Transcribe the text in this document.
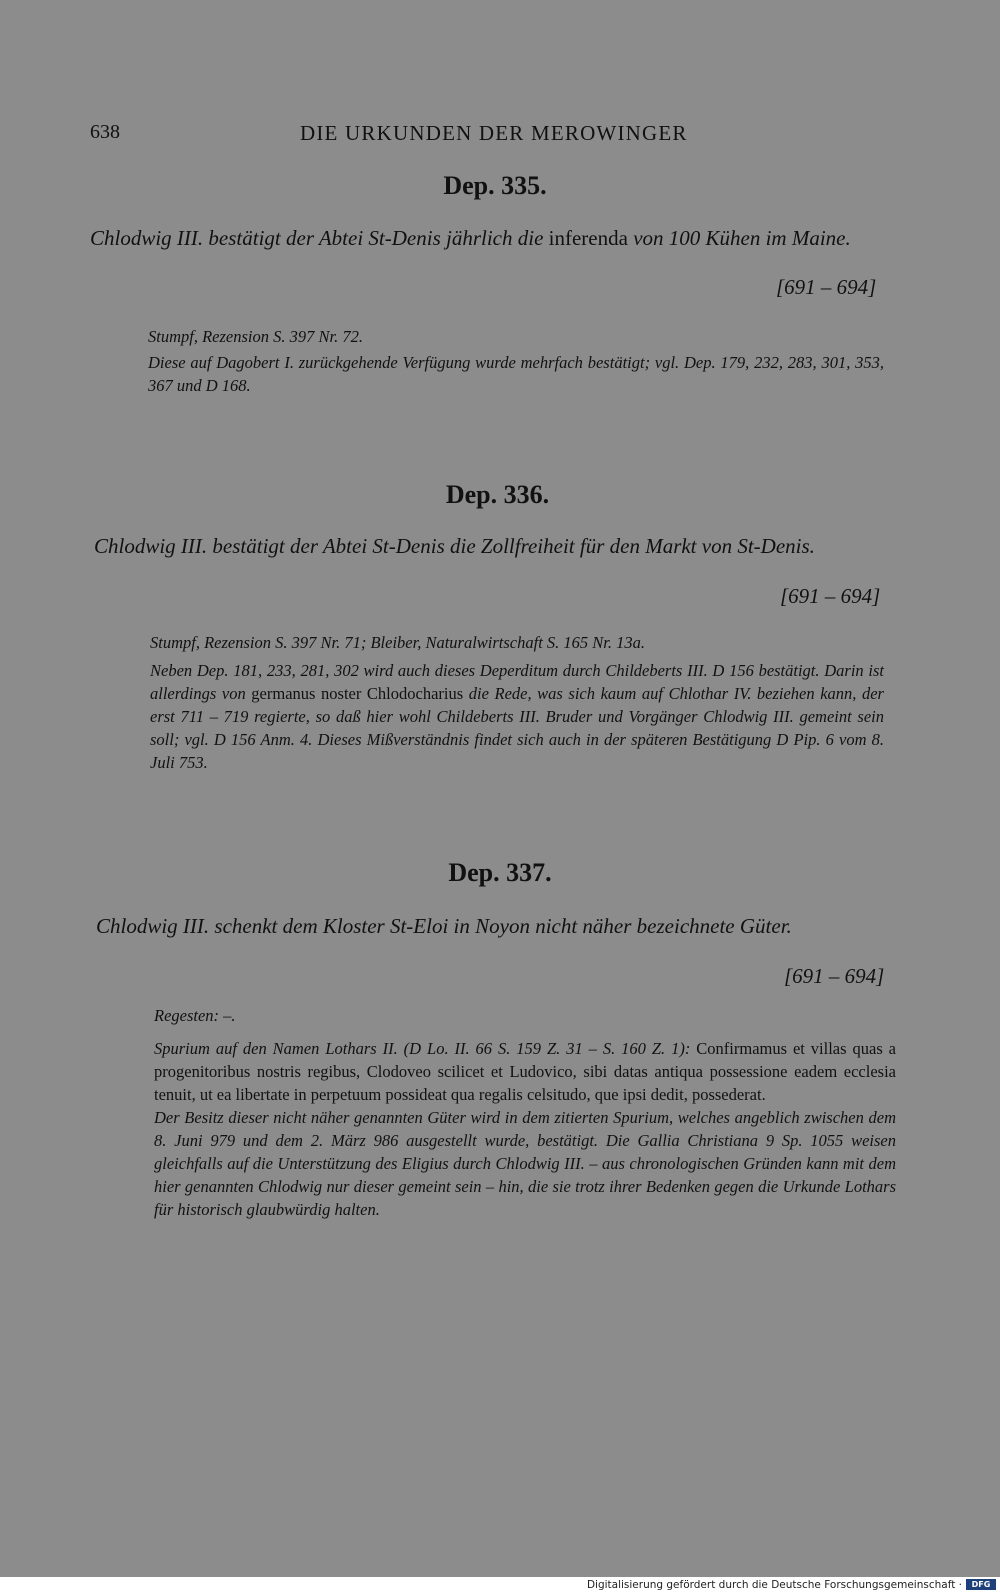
638	DIE URKUNDEN DER MEROWINGER
Dep. 335.

Chlodwig III. bestätigt der Abtei St-Denis jährlich die inferenda von 100 Kühen im Maine.

[691 – 694]

Stumpf, Rezension S. 397 Nr. 72.

Diese auf Dagobert I. zurückgehende Verfügung wurde mehrfach bestätigt; vgl. Dep. 179, 232, 283, 301, 353, 367 und D 168.

Dep. 336.

Chlodwig III. bestätigt der Abtei St-Denis die Zollfreiheit für den Markt von St-Denis.

[691 – 694]

Stumpf, Rezension S. 397 Nr. 71; Bleiber, Naturalwirtschaft S. 165 Nr. 13a.

Neben Dep. 181, 233, 281, 302 wird auch dieses Deperditum durch Childeberts III. D 156 bestätigt. Darin ist allerdings von germanus noster Chlodocharius die Rede, was sich kaum auf Chlothar IV. beziehen kann, der erst 711 – 719 regierte, so daß hier wohl Childeberts III. Bruder und Vorgänger Chlodwig III. gemeint sein soll; vgl. D 156 Anm. 4. Dieses Mißverständnis findet sich auch in der späteren Bestätigung D Pip. 6 vom 8. Juli 753.

Dep. 337.

Chlodwig III. schenkt dem Kloster St-Eloi in Noyon nicht näher bezeichnete Güter.

[691 – 694]

Regesten: –.

Spurium auf den Namen Lothars II. (D Lo. II. 66 S. 159 Z. 31 – S. 160 Z. 1): Confirmamus et villas quas a progenitoribus nostris regibus, Clodoveo scilicet et Ludovico, sibi datas antiqua possessione eadem ecclesia tenuit, ut ea libertate in perpetuum possideat qua regalis celsitudo, que ipsi dedit, possederat.

Der Besitz dieser nicht näher genannten Güter wird in dem zitierten Spurium, welches angeblich zwischen dem 8. Juni 979 und dem 2. März 986 ausgestellt wurde, bestätigt. Die Gallia Christiana 9 Sp. 1055 weisen gleichfalls auf die Unterstützung des Eligius durch Chlodwig III. – aus chronologischen Gründen kann mit dem hier genannten Chlodwig nur dieser gemeint sein – hin, die sie trotz ihrer Bedenken gegen die Urkunde Lothars für historisch glaubwürdig halten.

Digitalisierung gefördert durch die Deutsche Forschungsgemeinschaft ·	DFG
